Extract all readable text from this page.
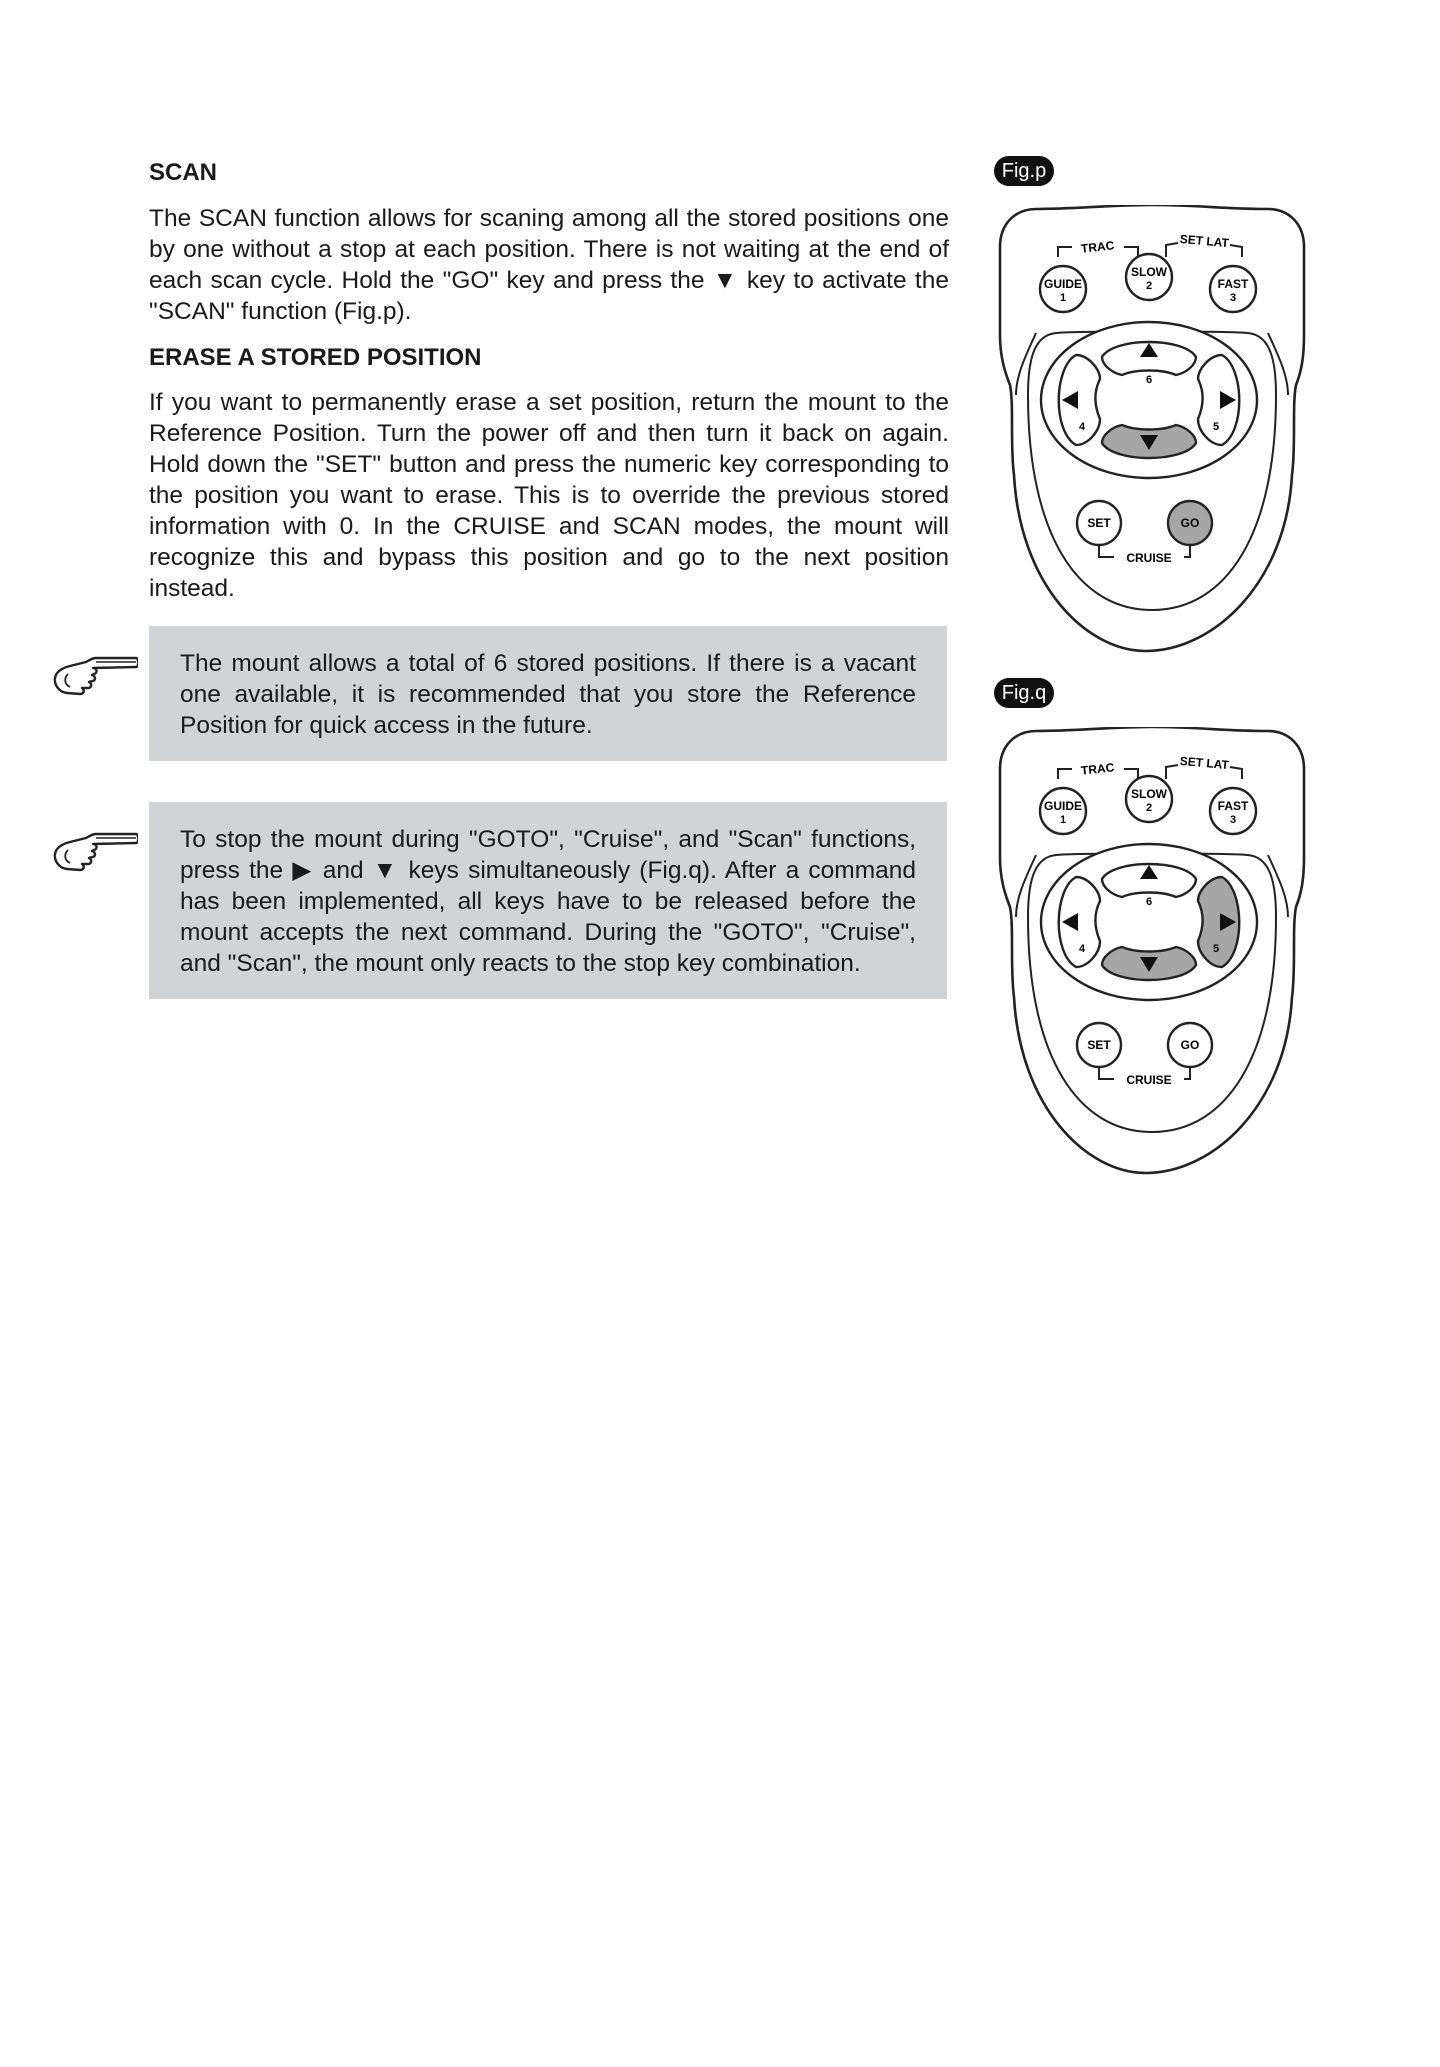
SCAN

The SCAN function allows for scaning among all the stored positions one by one without a stop at each position. There is not waiting at the end of each scan cycle. Hold the "GO" key and press the ▼ key to activate the "SCAN" function (Fig.p).

ERASE A STORED POSITION

If you want to permanently erase a set position, return the mount to the Reference Position. Turn the power off and then turn it back on again. Hold down the "SET" button and press the numeric key corresponding to the position you want to erase. This is to override the previous stored information with 0. In the CRUISE and SCAN modes, the mount will recognize this and bypass this position and go to the next position instead.

The mount allows a total of 6 stored positions. If there is a vacant one available, it is recommended that you store the Reference Position for quick access in the future.

To stop the mount during "GOTO", "Cruise", and "Scan" functions, press the ▶ and ▼ keys simultaneously (Fig.q). After a command has been implemented, all keys have to be released before the mount accepts the next command. During the "GOTO", "Cruise", and "Scan", the mount only reacts to the stop key combination.

Fig.p
TRAC	SET LAT
GUIDE
1
SLOW
2	FAST
3
6
4	5
SET	GO
CRUISE
Fig.q
TRAC	SET LAT
GUIDE
1
SLOW
2	FAST
3
6
4	5
SET	GO
CRUISE
